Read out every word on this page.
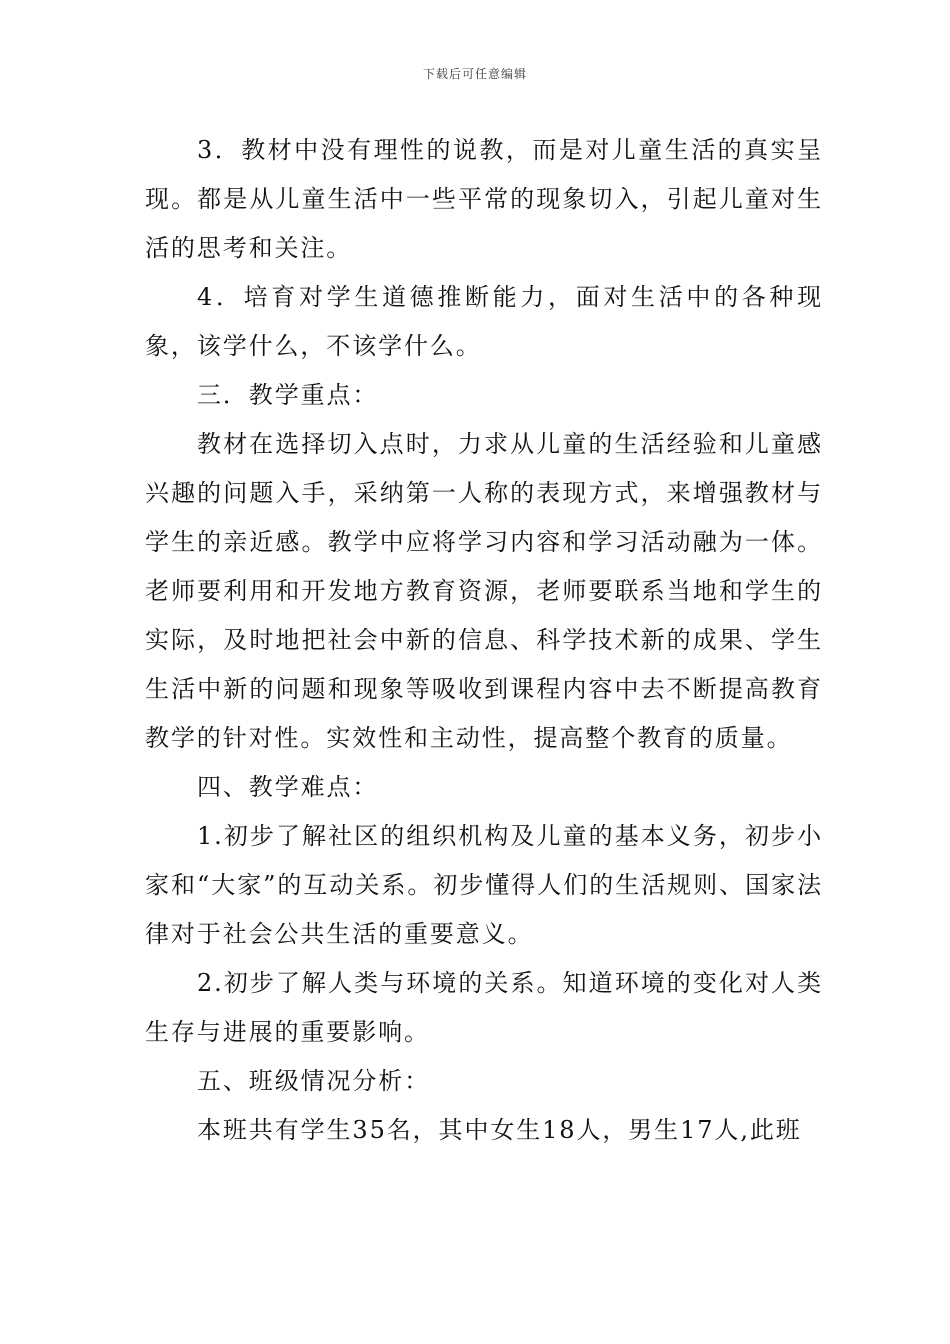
下载后可任意编辑

3．教材中没有理性的说教，而是对儿童生活的真实呈现。都是从儿童生活中一些平常的现象切入，引起儿童对生活的思考和关注。

4．培育对学生道德推断能力，面对生活中的各种现象，该学什么，不该学什么。

三．教学重点：

教材在选择切入点时，力求从儿童的生活经验和儿童感兴趣的问题入手，采纳第一人称的表现方式，来增强教材与学生的亲近感。教学中应将学习内容和学习活动融为一体。老师要利用和开发地方教育资源，老师要联系当地和学生的实际，及时地把社会中新的信息、科学技术新的成果、学生生活中新的问题和现象等吸收到课程内容中去不断提高教育教学的针对性。实效性和主动性，提高整个教育的质量。

四、教学难点：

1.初步了解社区的组织机构及儿童的基本义务，初步小家和“大家”的互动关系。初步懂得人们的生活规则、国家法律对于社会公共生活的重要意义。

2.初步了解人类与环境的关系。知道环境的变化对人类生存与进展的重要影响。

五、班级情况分析：

本班共有学生35名，其中女生18人，男生17人,此班
